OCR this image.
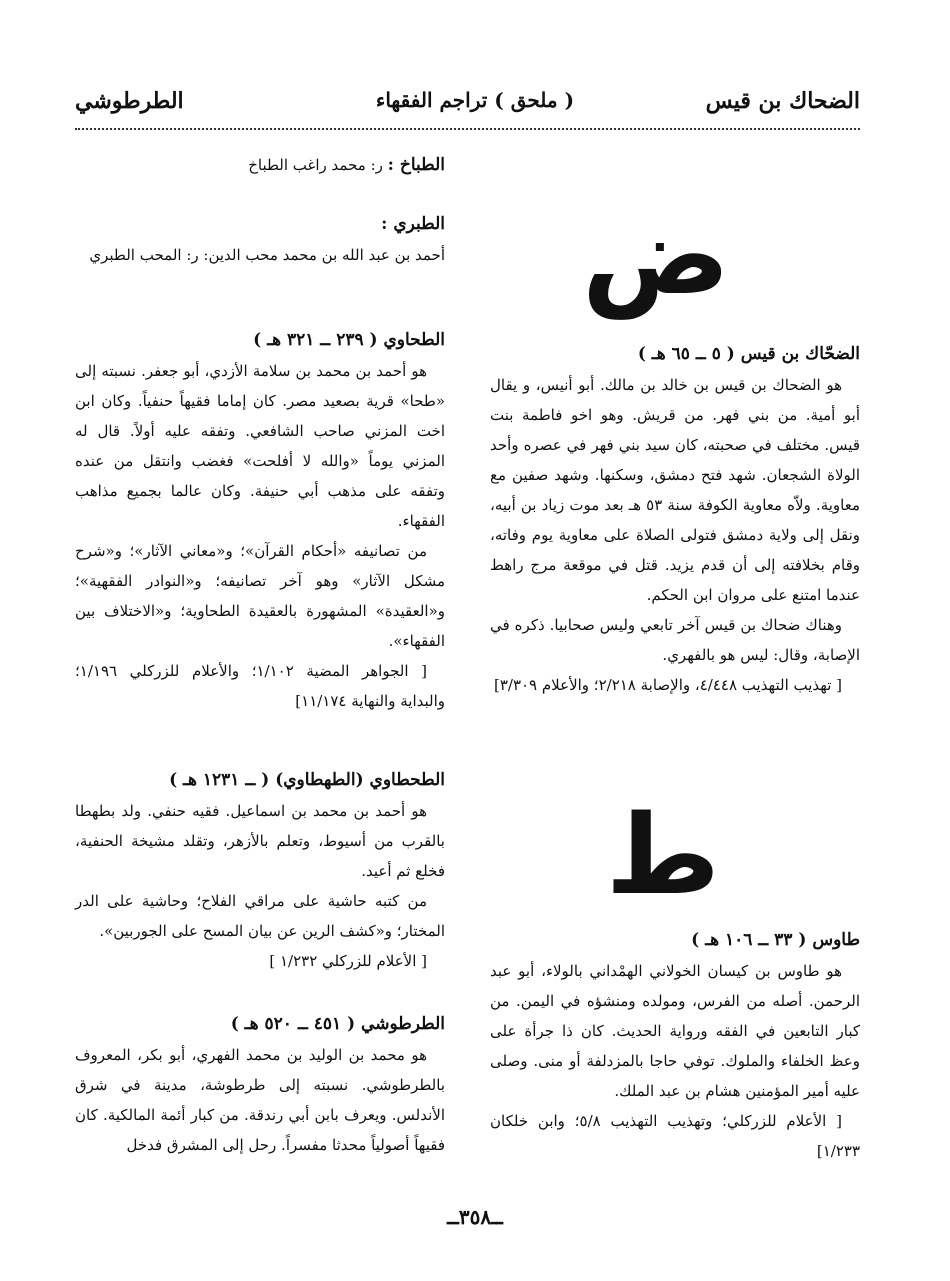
الضحاك بن قيس
( ملحق ) تراجم الفقهاء
الطرطوشي
ض
الضحّاك بن قيس ( ٥ ــ ٦٥ هـ )

هو الضحاك بن قيس بن خالد بن مالك. أبو أنيس، و يقال أبو أمية. من بني فهر. من قريش. وهو اخو فاطمة بنت قيس. مختلف في صحبته، كان سيد بني فهر في عصره وأحد الولاة الشجعان. شهد فتح دمشق، وسكنها. وشهد صفين مع معاوية. ولاّه معاوية الكوفة سنة ٥٣ هـ بعد موت زياد بن أبيه، ونقل إلى ولاية دمشق فتولى الصلاة على معاوية يوم وفاته، وقام بخلافته إلى أن قدم يزيد. قتل في موقعة مرج راهط عندما امتنع على مروان ابن الحكم.

وهناك ضحاك بن قيس آخر تابعي وليس صحابيا. ذكره في الإصابة، وقال: ليس هو بالفهري.

[ تهذيب التهذيب ٤/٤٤٨، والإصابة ٢/٢١٨؛ والأعلام ٣/٣٠٩]

ط
طاوس ( ٣٣ ــ ١٠٦ هـ )

هو طاوس بن كيسان الخولاني الهمْداني بالولاء، أبو عبد الرحمن. أصله من الفرس، ومولده ومنشؤه في اليمن. من كبار التابعين في الفقه ورواية الحديث. كان ذا جرأة على وعظ الخلفاء والملوك. توفي حاجا بالمزدلفة أو منى. وصلى عليه أمير المؤمنين هشام بن عبد الملك.

[ الأعلام للزركلي؛ وتهذيب التهذيب ٥/٨؛ وابن خلكان ١/٢٣٣]

الطباخ : ر: محمد راغب الطباخ

الطبري :

أحمد بن عبد الله بن محمد محب الدين: ر: المحب الطبري

الطحاوي ( ٢٣٩ ــ ٣٢١ هـ )

هو أحمد بن محمد بن سلامة الأزدي، أبو جعفر. نسبته إلى «طحا» قرية بصعيد مصر. كان إماما فقيهاً حنفياً. وكان ابن اخت المزني صاحب الشافعي. وتفقه عليه أولاً. قال له المزني يوماً «والله لا أفلحت» فغضب وانتقل من عنده وتفقه على مذهب أبي حنيفة. وكان عالما بجميع مذاهب الفقهاء.

من تصانيفه «أحكام القرآن»؛ و«معاني الآثار»؛ و«شرح مشكل الآثار» وهو آخر تصانيفه؛ و«النوادر الفقهية»؛ و«العقيدة» المشهورة بالعقيدة الطحاوية؛ و«الاختلاف بين الفقهاء».

[ الجواهر المضية ١/١٠٢؛ والأعلام للزركلي ١/١٩٦؛ والبداية والنهاية ١١/١٧٤]

الطحطاوي (الطهطاوي) ( ــ ١٢٣١ هـ )

هو أحمد بن محمد بن اسماعيل. فقيه حنفي. ولد بطهطا بالقرب من أسيوط، وتعلم بالأزهر، وتقلد مشيخة الحنفية، فخلع ثم أعيد.

من كتبه حاشية على مراقي الفلاح؛ وحاشية على الدر المختار؛ و«كشف الرين عن بيان المسح على الجوربين».

[ الأعلام للزركلي ١/٢٣٢ ]

الطرطوشي ( ٤٥١ ــ ٥٢٠ هـ )

هو محمد بن الوليد بن محمد الفهري، أبو بكر، المعروف بالطرطوشي. نسبته إلى طرطوشة، مدينة في شرق الأندلس. ويعرف بابن أبي رندقة. من كبار أئمة المالكية. كان فقيهاً أصولياً محدثا مفسراً. رحل إلى المشرق فدخل

ــ٣٥٨ــ
